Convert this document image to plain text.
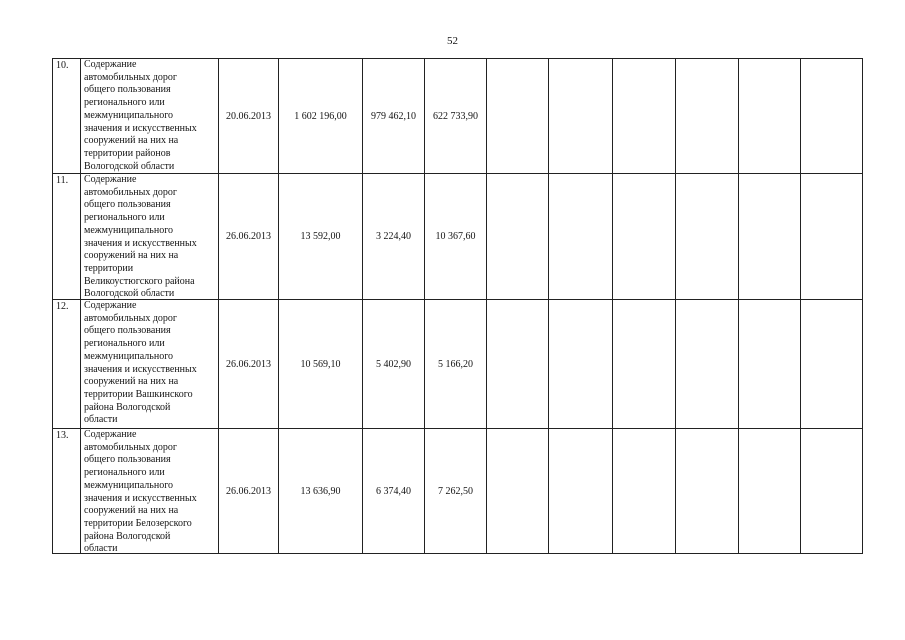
52
10.	Содержание
автомобильных дорог
общего пользования
регионального или
межмуниципального
значения и искусственных
сооружений на них на
территории районов
Вологодской области
20.06.2013	1 602 196,00	979 462,10	622 733,90
11.	Содержание
автомобильных дорог
общего пользования
регионального или
межмуниципального
значения и искусственных
сооружений на них на
территории
Великоустюгского района
Вологодской области
26.06.2013	13 592,00	3 224,40	10 367,60
12.	Содержание
автомобильных дорог
общего пользования
регионального или
межмуниципального
значения и искусственных
сооружений на них на
территории Вашкинского
района Вологодской
области
26.06.2013	10 569,10	5 402,90	5 166,20
13.	Содержание
автомобильных дорог
общего пользования
регионального или
межмуниципального
значения и искусственных
сооружений на них на
территории Белозерского
района Вологодской
области
26.06.2013	13 636,90	6 374,40	7 262,50
